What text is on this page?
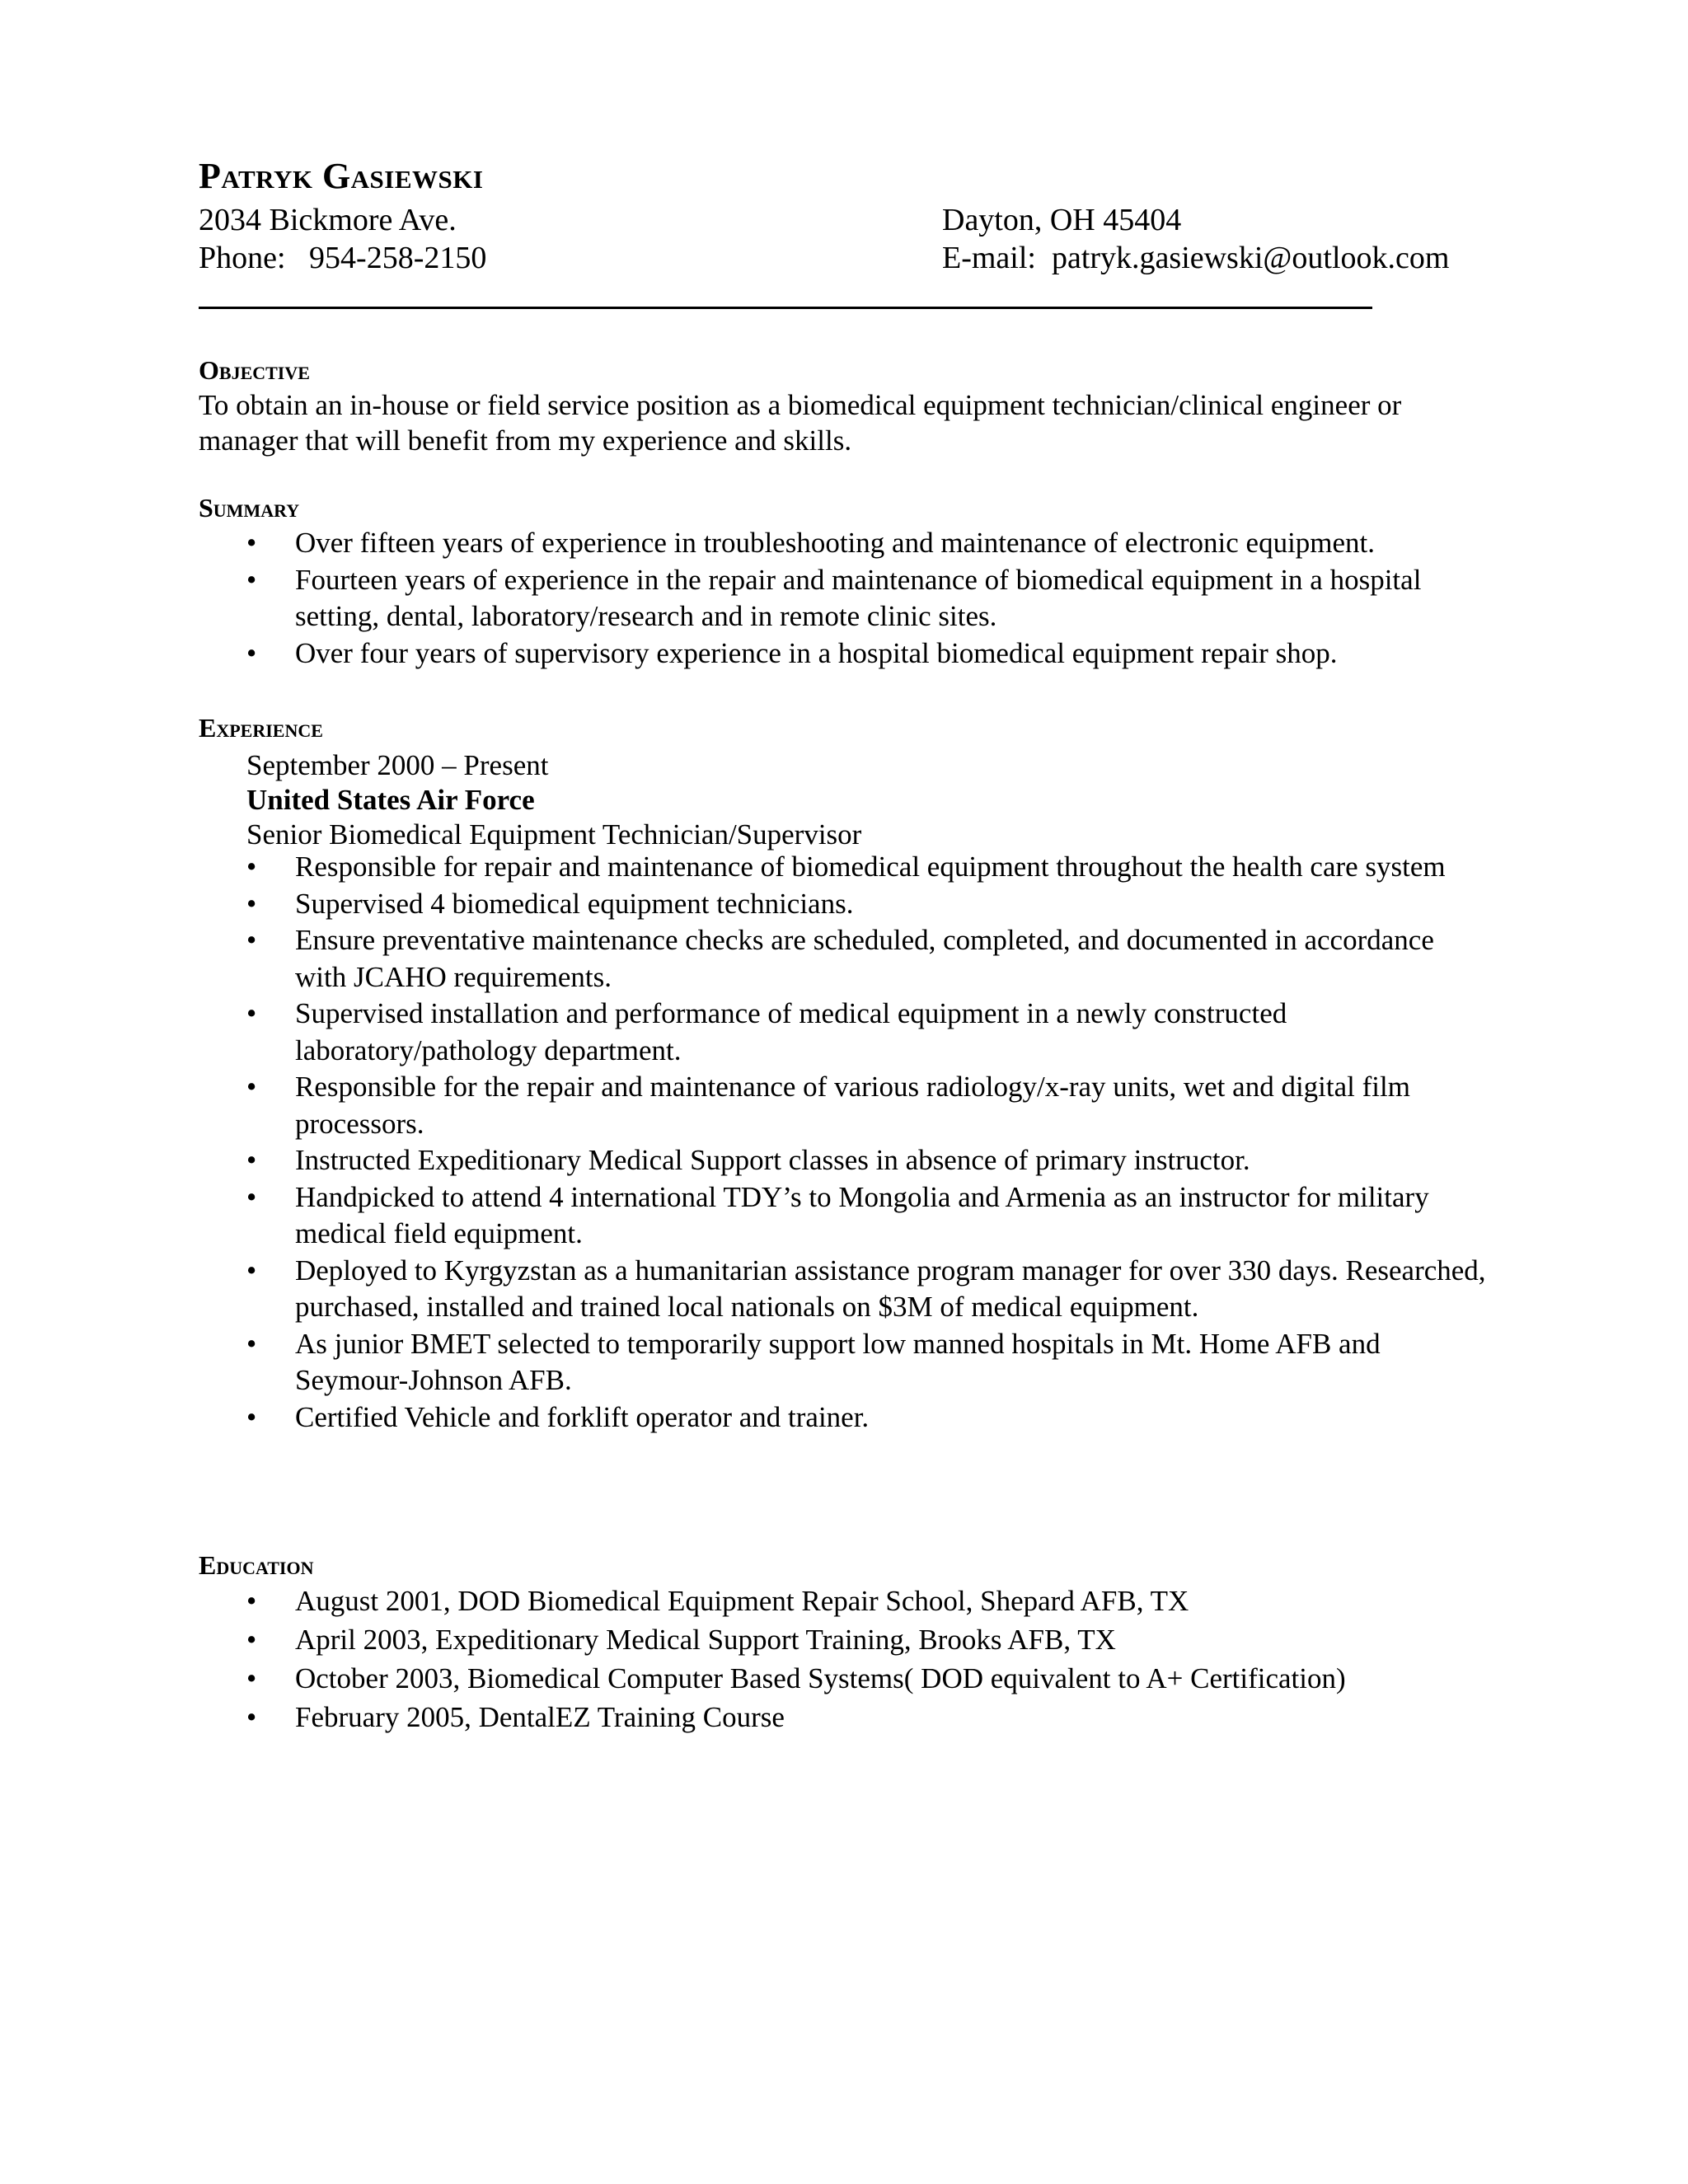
Patryk Gasiewski
2034 Bickmore Ave.	Dayton, OH 45404
Phone:   954-258-2150	E-mail:  patryk.gasiewski@outlook.com
Objective
To obtain an in-house or field service position as a biomedical equipment technician/clinical engineer or manager that will benefit from my experience and skills.
Summary
• Over fifteen years of experience in troubleshooting and maintenance of electronic equipment.
• Fourteen years of experience in the repair and maintenance of biomedical equipment in a hospital setting, dental, laboratory/research and in remote clinic sites.
• Over four years of supervisory experience in a hospital biomedical equipment repair shop.
Experience
September 2000 – Present
United States Air Force
Senior Biomedical Equipment Technician/Supervisor
• Responsible for repair and maintenance of biomedical equipment throughout the health care system
• Supervised 4 biomedical equipment technicians.
• Ensure preventative maintenance checks are scheduled, completed, and documented in accordance with JCAHO requirements.
• Supervised installation and performance of medical equipment in a newly constructed laboratory/pathology department.
• Responsible for the repair and maintenance of various radiology/x-ray units, wet and digital film processors.
• Instructed Expeditionary Medical Support classes in absence of primary instructor.
• Handpicked to attend 4 international TDY’s to Mongolia and Armenia as an instructor for military medical field equipment.
• Deployed to Kyrgyzstan as a humanitarian assistance program manager for over 330 days. Researched, purchased, installed and trained local nationals on $3M of medical equipment.
• As junior BMET selected to temporarily support low manned hospitals in Mt. Home AFB and Seymour-Johnson AFB.
• Certified Vehicle and forklift operator and trainer.
Education
• August 2001, DOD Biomedical Equipment Repair School, Shepard AFB, TX
• April 2003, Expeditionary Medical Support Training, Brooks AFB, TX
• October 2003, Biomedical Computer Based Systems( DOD equivalent to A+ Certification)
• February 2005, DentalEZ Training Course
